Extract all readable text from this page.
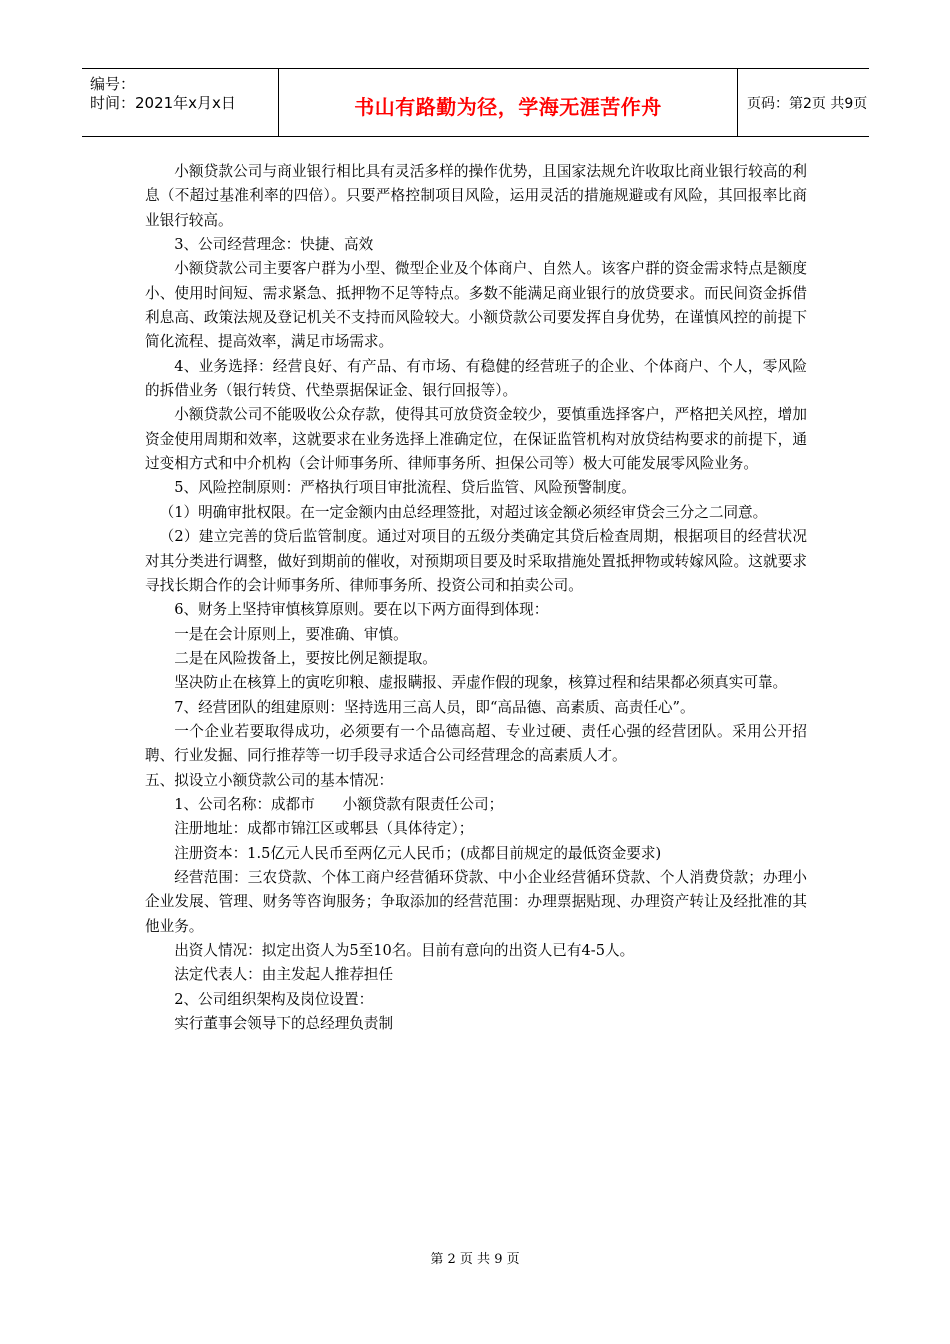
编号：
时间：2021年x月x日	书山有路勤为径，学海无涯苦作舟	页码：第2页 共9页

小额贷款公司与商业银行相比具有灵活多样的操作优势，且国家法规允许收取比商业银行较高的利息（不超过基准利率的四倍）。只要严格控制项目风险，运用灵活的措施规避或有风险，其回报率比商业银行较高。

3、公司经营理念：快捷、高效

小额贷款公司主要客户群为小型、微型企业及个体商户、自然人。该客户群的资金需求特点是额度小、使用时间短、需求紧急、抵押物不足等特点。多数不能满足商业银行的放贷要求。而民间资金拆借利息高、政策法规及登记机关不支持而风险较大。小额贷款公司要发挥自身优势，在谨慎风控的前提下简化流程、提高效率，满足市场需求。

4、业务选择：经营良好、有产品、有市场、有稳健的经营班子的企业、个体商户、个人，零风险的拆借业务（银行转贷、代垫票据保证金、银行回报等）。

小额贷款公司不能吸收公众存款，使得其可放贷资金较少，要慎重选择客户，严格把关风控，增加资金使用周期和效率，这就要求在业务选择上准确定位，在保证监管机构对放贷结构要求的前提下，通过变相方式和中介机构（会计师事务所、律师事务所、担保公司等）极大可能发展零风险业务。

5、风险控制原则：严格执行项目审批流程、贷后监管、风险预警制度。

（1）明确审批权限。在一定金额内由总经理签批，对超过该金额必须经审贷会三分之二同意。

（2）建立完善的贷后监管制度。通过对项目的五级分类确定其贷后检查周期，根据项目的经营状况对其分类进行调整，做好到期前的催收，对预期项目要及时采取措施处置抵押物或转嫁风险。这就要求寻找长期合作的会计师事务所、律师事务所、投资公司和拍卖公司。

6、财务上坚持审慎核算原则。要在以下两方面得到体现：

一是在会计原则上，要准确、审慎。

二是在风险拨备上，要按比例足额提取。

坚决防止在核算上的寅吃卯粮、虚报瞒报、弄虚作假的现象，核算过程和结果都必须真实可靠。

7、经营团队的组建原则：坚持选用三高人员，即“高品德、高素质、高责任心”。

一个企业若要取得成功，必须要有一个品德高超、专业过硬、责任心强的经营团队。采用公开招聘、行业发掘、同行推荐等一切手段寻求适合公司经营理念的高素质人才。

五、拟设立小额贷款公司的基本情况：

1、公司名称：成都市      小额贷款有限责任公司；

注册地址：成都市锦江区或郫县（具体待定）；

注册资本：1.5亿元人民币至两亿元人民币；(成都目前规定的最低资金要求)

经营范围：三农贷款、个体工商户经营循环贷款、中小企业经营循环贷款、个人消费贷款；办理小企业发展、管理、财务等咨询服务；争取添加的经营范围：办理票据贴现、办理资产转让及经批准的其他业务。

出资人情况：拟定出资人为5至10名。目前有意向的出资人已有4-5人。

法定代表人：由主发起人推荐担任

2、公司组织架构及岗位设置：

实行董事会领导下的总经理负责制

第 2 页 共 9 页
